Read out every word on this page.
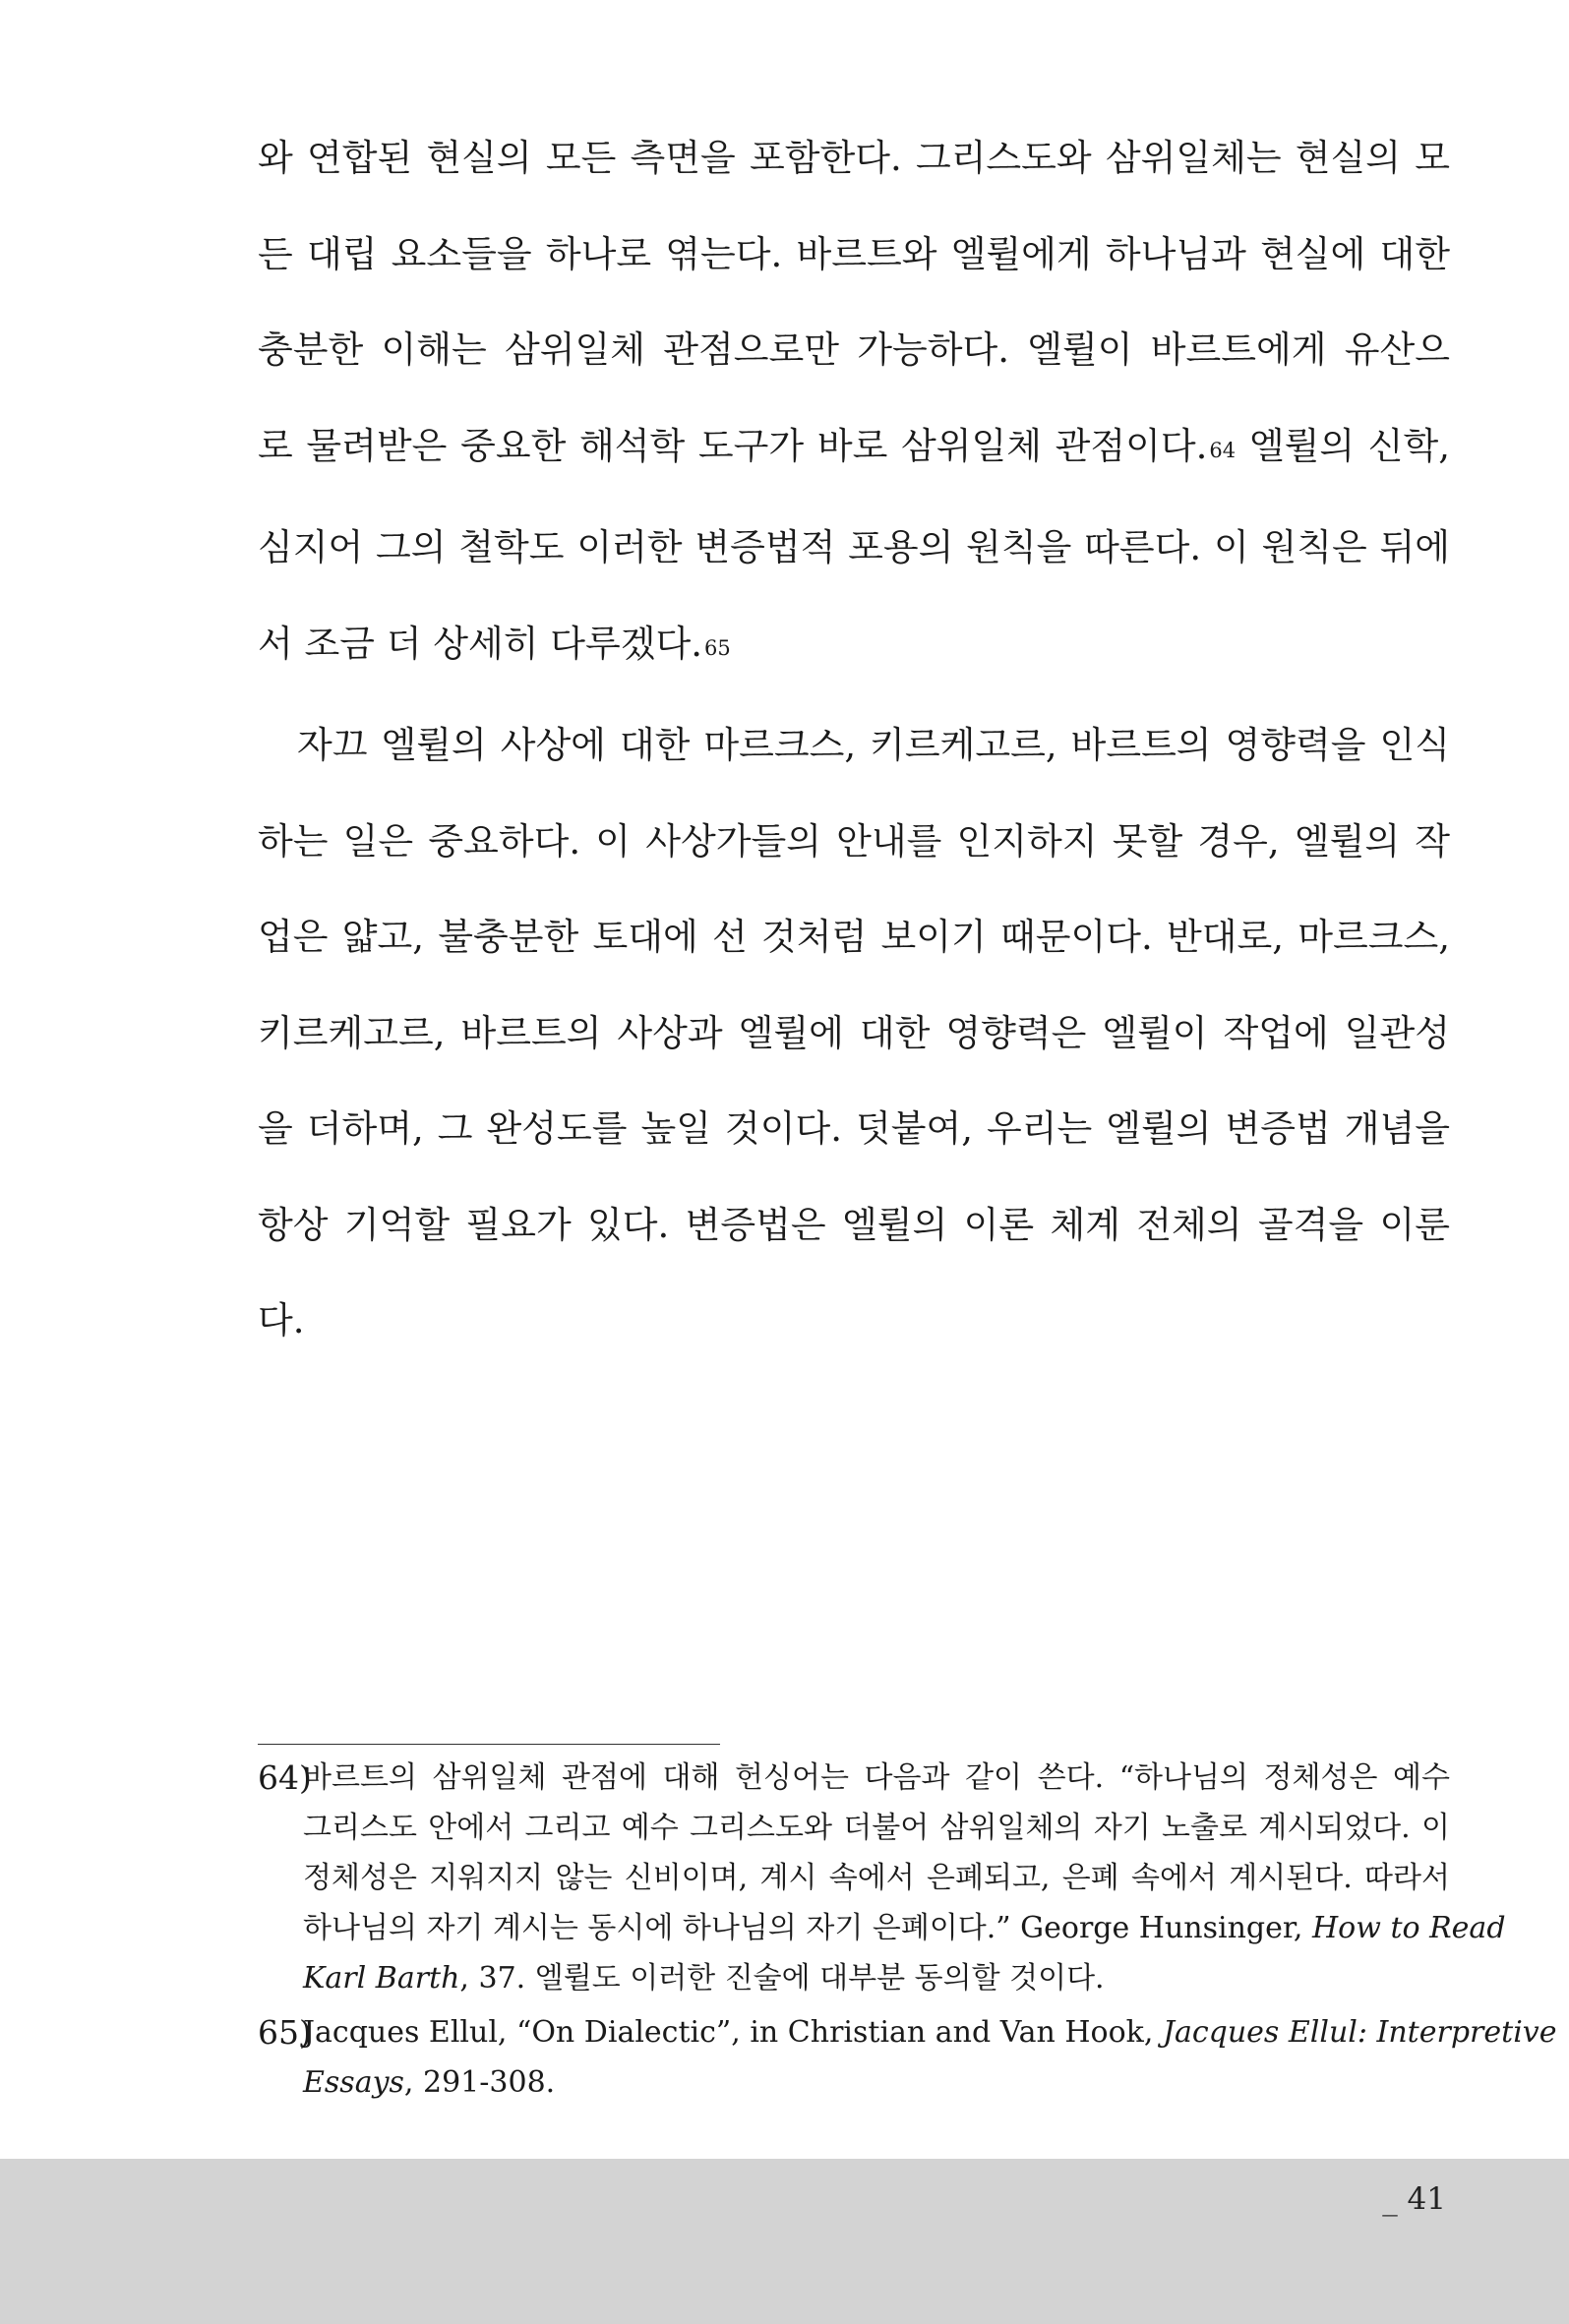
와 연합된 현실의 모든 측면을 포함한다. 그리스도와 삼위일체는 현실의 모
든 대립 요소들을 하나로 엮는다. 바르트와 엘륄에게 하나님과 현실에 대한
충분한 이해는 삼위일체 관점으로만 가능하다. 엘륄이 바르트에게 유산으
로 물려받은 중요한 해석학 도구가 바로 삼위일체 관점이다.$^{64}$ 엘륄의 신학,
심지어 그의 철학도 이러한 변증법적 포용의 원칙을 따른다. 이 원칙은 뒤에
서 조금 더 상세히 다루겠다.$^{65}$

자끄 엘륄의 사상에 대한 마르크스, 키르케고르, 바르트의 영향력을 인식
하는 일은 중요하다. 이 사상가들의 안내를 인지하지 못할 경우, 엘륄의 작
업은 얇고, 불충분한 토대에 선 것처럼 보이기 때문이다. 반대로, 마르크스,
키르케고르, 바르트의 사상과 엘륄에 대한 영향력은 엘륄이 작업에 일관성
을 더하며, 그 완성도를 높일 것이다. 덧붙여, 우리는 엘륄의 변증법 개념을
항상 기억할 필요가 있다. 변증법은 엘륄의 이론 체계 전체의 골격을 이룬
다.

64)
바르트의 삼위일체 관점에 대해 헌싱어는 다음과 같이 쓴다. “하나님의 정체성은 예수
그리스도 안에서 그리고 예수 그리스도와 더불어 삼위일체의 자기 노출로 계시되었다. 이
정체성은 지워지지 않는 신비이며, 계시 속에서 은폐되고, 은폐 속에서 계시된다. 따라서
하나님의 자기 계시는 동시에 하나님의 자기 은폐이다.” George Hunsinger, How to Read
Karl Barth, 37. 엘륄도 이러한 진술에 대부분 동의할 것이다.
65)
Jacques Ellul, “On Dialectic”, in Christian and Van Hook, Jacques Ellul: Interpretive
Essays, 291-308.
_ 41
